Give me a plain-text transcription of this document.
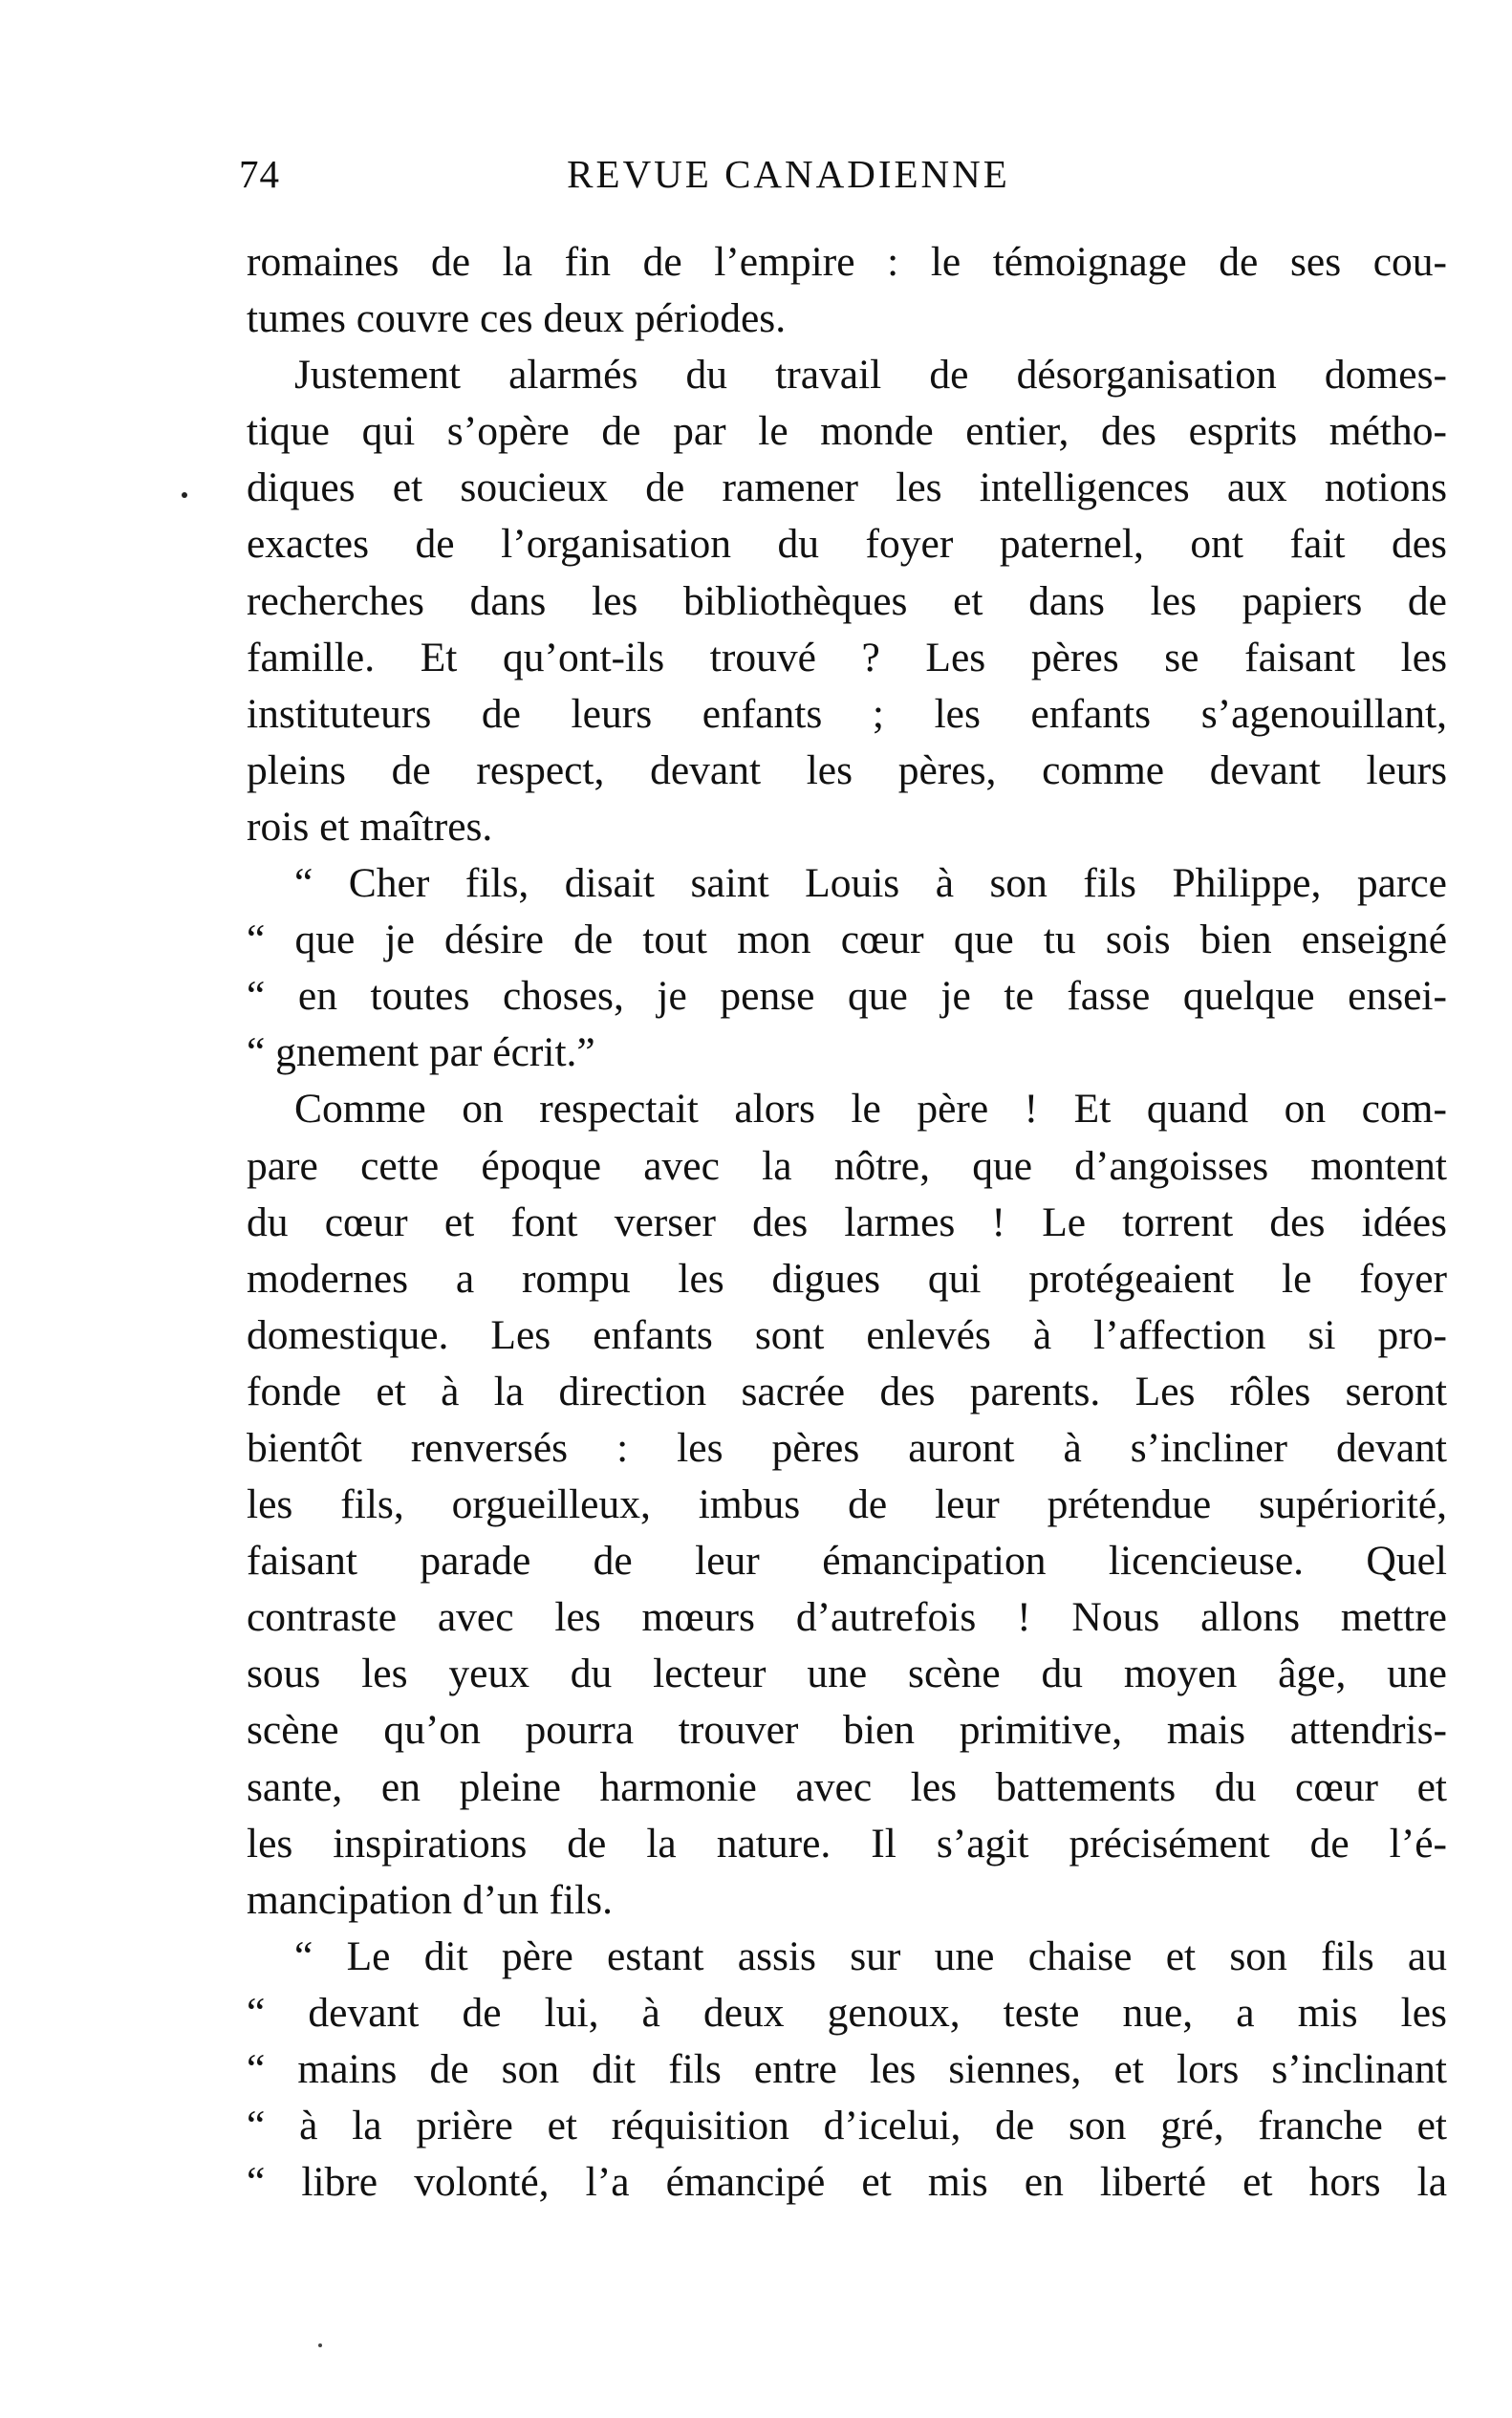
74	REVUE CANADIENNE
romaines de la fin de l’empire : le témoignage de ses cou-
tumes couvre ces deux périodes.
Justement alarmés du travail de désorganisation domes-
tique qui s’opère de par le monde entier, des esprits métho-
diques et soucieux de ramener les intelligences aux notions
exactes de l’organisation du foyer paternel, ont fait des
recherches dans les bibliothèques et dans les papiers de
famille. Et qu’ont-ils trouvé ? Les pères se faisant les
instituteurs de leurs enfants ; les enfants s’agenouillant,
pleins de respect, devant les pères, comme devant leurs
rois et maîtres.
“ Cher fils, disait saint Louis à son fils Philippe, parce
“ que je désire de tout mon cœur que tu sois bien enseigné
“ en toutes choses, je pense que je te fasse quelque ensei-
“ gnement par écrit.”
Comme on respectait alors le père ! Et quand on com-
pare cette époque avec la nôtre, que d’angoisses montent
du cœur et font verser des larmes ! Le torrent des idées
modernes a rompu les digues qui protégeaient le foyer
domestique. Les enfants sont enlevés à l’affection si pro-
fonde et à la direction sacrée des parents. Les rôles seront
bientôt renversés : les pères auront à s’incliner devant
les fils, orgueilleux, imbus de leur prétendue supériorité,
faisant parade de leur émancipation licencieuse. Quel
contraste avec les mœurs d’autrefois ! Nous allons mettre
sous les yeux du lecteur une scène du moyen âge, une
scène qu’on pourra trouver bien primitive, mais attendris-
sante, en pleine harmonie avec les battements du cœur et
les inspirations de la nature. Il s’agit précisément de l’é-
mancipation d’un fils.
“ Le dit père estant assis sur une chaise et son fils au
“ devant de lui, à deux genoux, teste nue, a mis les
“ mains de son dit fils entre les siennes, et lors s’inclinant
“ à la prière et réquisition d’icelui, de son gré, franche et
“ libre volonté, l’a émancipé et mis en liberté et hors la
